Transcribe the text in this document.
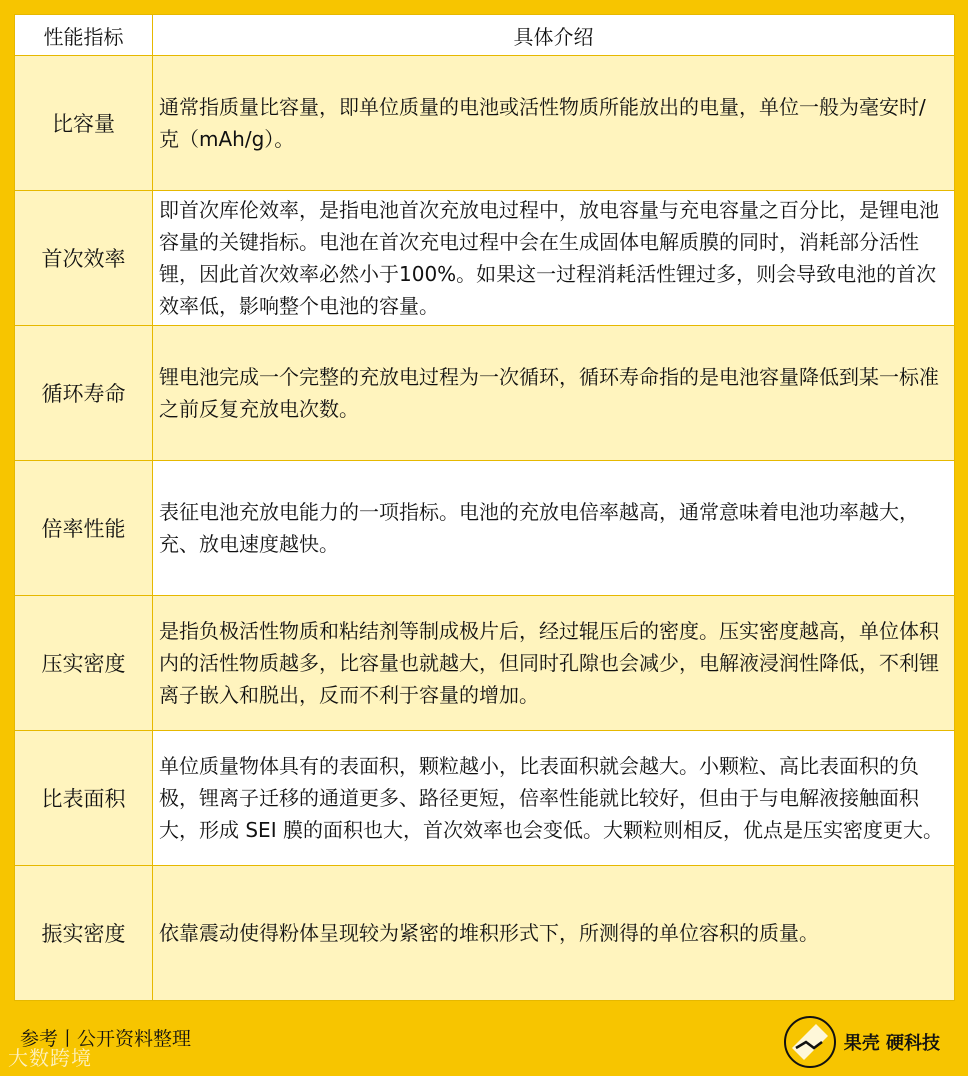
性能指标	具体介绍
比容量	通常指质量比容量，即单位质量的电池或活性物质所能放出的电量，单位一般为毫安时/克（mAh/g）。
首次效率	即首次库伦效率，是指电池首次充放电过程中，放电容量与充电容量之百分比，是锂电池容量的关键指标。电池在首次充电过程中会在生成固体电解质膜的同时，消耗部分活性锂，因此首次效率必然小于100%。如果这一过程消耗活性锂过多，则会导致电池的首次效率低，影响整个电池的容量。
循环寿命	锂电池完成一个完整的充放电过程为一次循环，循环寿命指的是电池容量降低到某一标准之前反复充放电次数。
倍率性能	表征电池充放电能力的一项指标。电池的充放电倍率越高，通常意味着电池功率越大，充、放电速度越快。
压实密度	是指负极活性物质和粘结剂等制成极片后，经过辊压后的密度。压实密度越高，单位体积内的活性物质越多，比容量也就越大，但同时孔隙也会减少，电解液浸润性降低，不利锂离子嵌入和脱出，反而不利于容量的增加。
比表面积	单位质量物体具有的表面积，颗粒越小，比表面积就会越大。小颗粒、高比表面积的负极，锂离子迁移的通道更多、路径更短，倍率性能就比较好，但由于与电解液接触面积大，形成 SEI 膜的面积也大，首次效率也会变低。大颗粒则相反，优点是压实密度更大。
振实密度	依靠震动使得粉体呈现较为紧密的堆积形式下，所测得的单位容积的质量。
参考丨公开资料整理
大数跨境
果壳 硬科技
